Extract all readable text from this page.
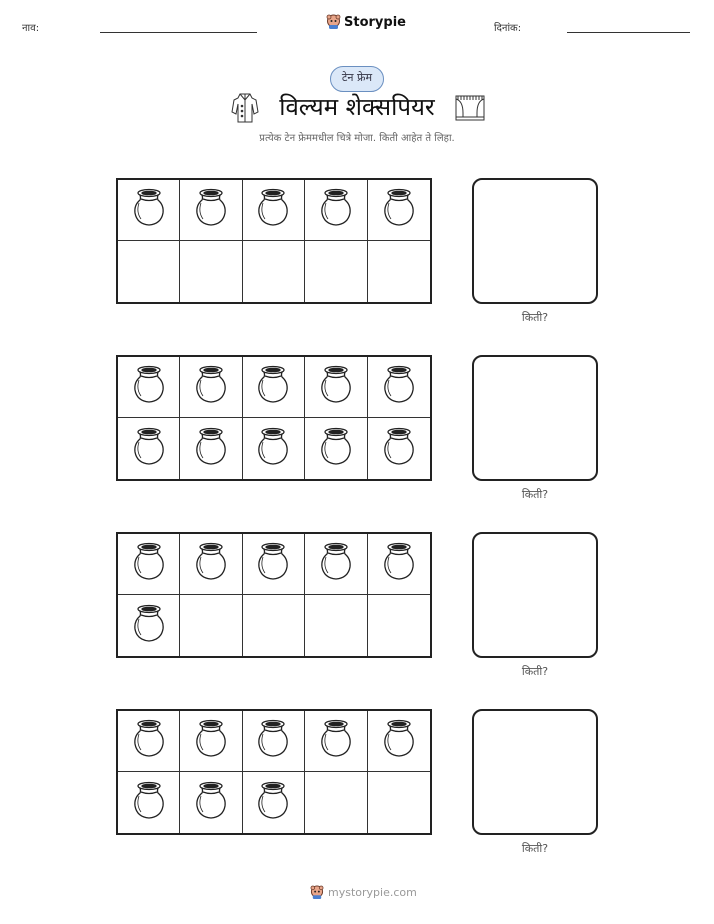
नाव:	Storypie	दिनांक:
टेन फ्रेम
विल्यम शेक्सपियर
प्रत्येक टेन फ्रेममधील चित्रे मोजा. किती आहेत ते लिहा.
किती?
किती?
किती?
किती?
mystorypie.com
